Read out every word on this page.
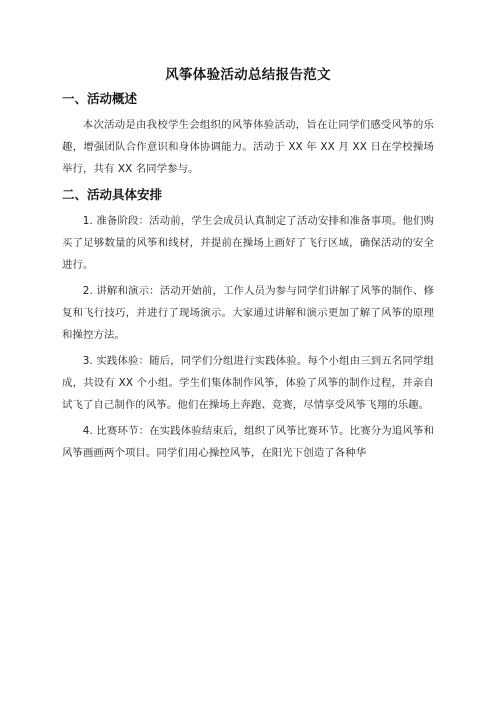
风筝体验活动总结报告范文
一、活动概述

本次活动是由我校学生会组织的风筝体验活动，旨在让同学们感受风筝的乐趣，增强团队合作意识和身体协调能力。活动于 XX 年 XX 月 XX 日在学校操场举行，共有 XX 名同学参与。

二、活动具体安排

1. 准备阶段：活动前，学生会成员认真制定了活动安排和准备事项。他们购买了足够数量的风筝和线材，并提前在操场上画好了飞行区域，确保活动的安全进行。

2. 讲解和演示：活动开始前，工作人员为参与同学们讲解了风筝的制作、修复和飞行技巧，并进行了现场演示。大家通过讲解和演示更加了解了风筝的原理和操控方法。

3. 实践体验：随后，同学们分组进行实践体验。每个小组由三到五名同学组成，共设有 XX 个小组。学生们集体制作风筝，体验了风筝的制作过程，并亲自试飞了自己制作的风筝。他们在操场上奔跑、竞赛，尽情享受风筝飞翔的乐趣。

4. 比赛环节：在实践体验结束后，组织了风筝比赛环节。比赛分为追风筝和风筝画画两个项目。同学们用心操控风筝，在阳光下创造了各种华
